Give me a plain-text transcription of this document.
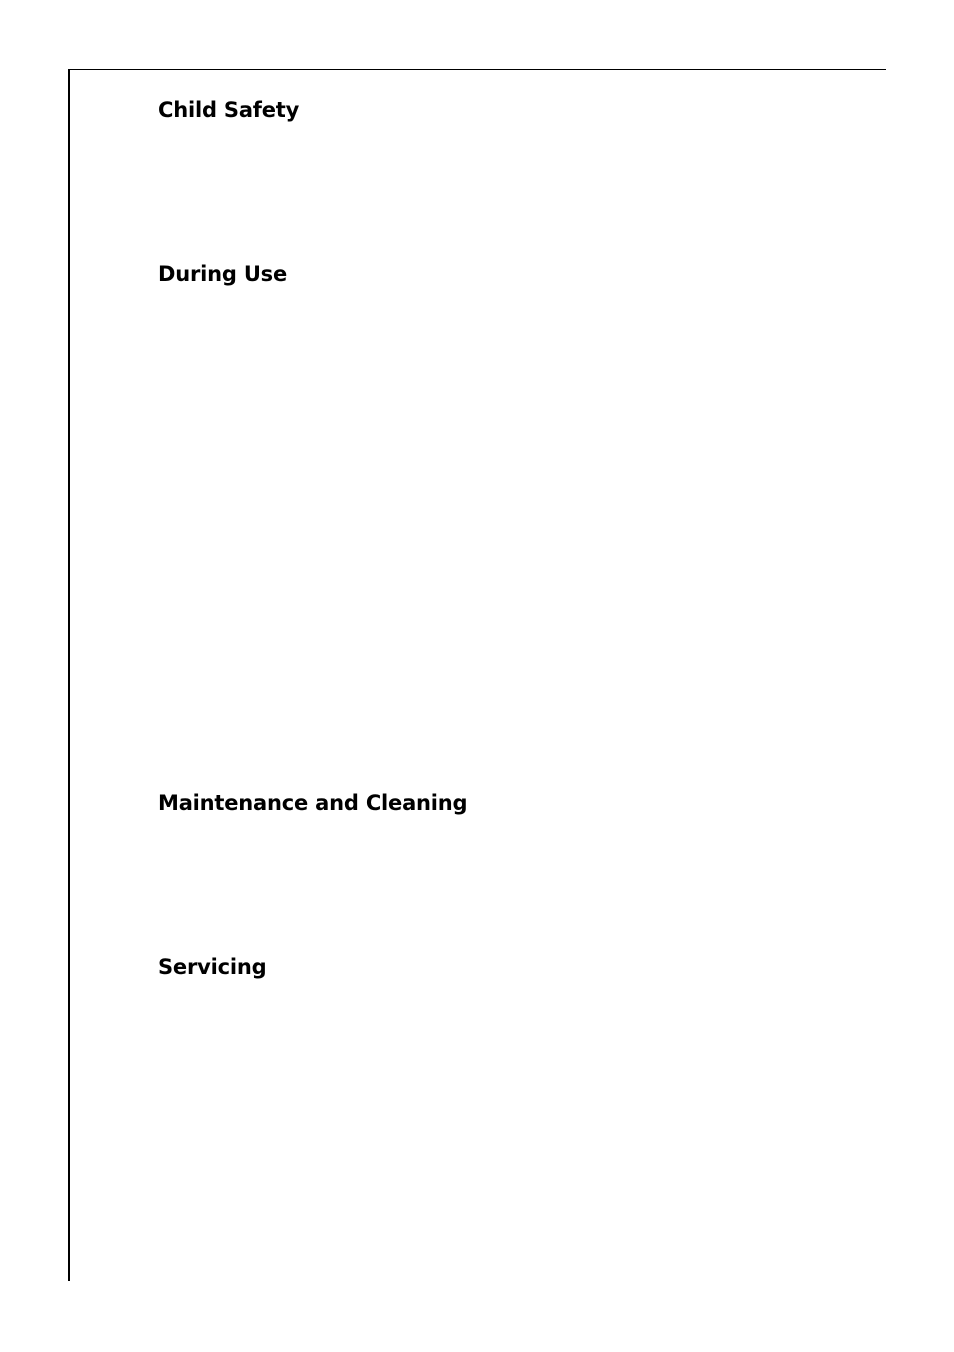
Child Safety
During Use
Maintenance and Cleaning
Servicing
